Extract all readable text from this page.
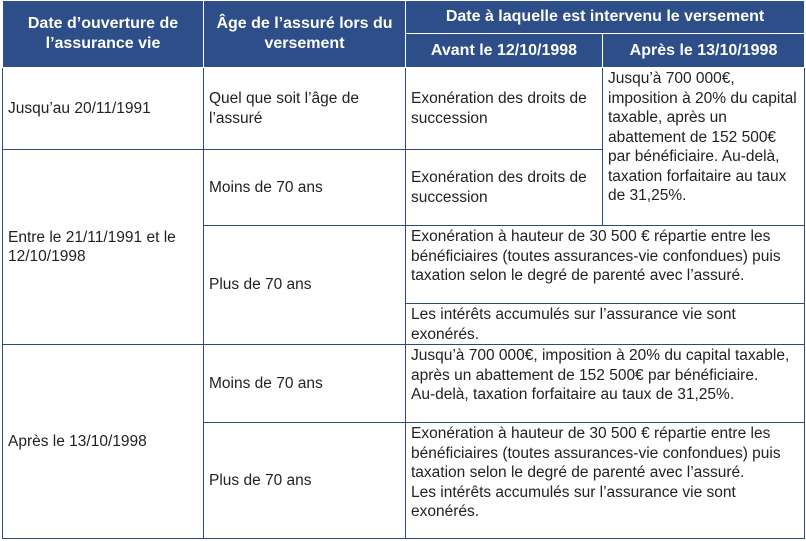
Date d’ouverture de l’assurance vie	Âge de l’assuré lors du versement	Date à laquelle est intervenu le versement	
		Avant le 12/10/1998	Après le 13/10/1998
Jusqu’au 20/11/1991	Quel que soit l’âge de l’assuré	Exonération des droits de succession	Jusqu’à 700 000€, imposition à 20% du capital taxable, après un abattement de 152 500€ par bénéficiaire. Au-delà, taxation forfaitaire au taux de 31,25%.
Entre le 21/11/1991 et le 12/10/1998	Moins de 70 ans	Exonération des droits de succession	
	Plus de 70 ans	Exonération à hauteur de 30 500 € répartie entre les bénéficiaires (toutes assurances-vie confondues) puis taxation selon le degré de parenté avec l’assuré.	
		Les intérêts accumulés sur l’assurance vie sont exonérés.	
Après le 13/10/1998	Moins de 70 ans	Jusqu’à 700 000€, imposition à 20% du capital taxable, après un abattement de 152 500€ par bénéficiaire.
Au-delà, taxation forfaitaire au taux de 31,25%.	

	Plus de 70 ans	Exonération à hauteur de 30 500 € répartie entre les bénéficiaires (toutes assurances-vie confondues) puis taxation selon le degré de parenté avec l’assuré.
Les intérêts accumulés sur l’assurance vie sont exonérés.	
